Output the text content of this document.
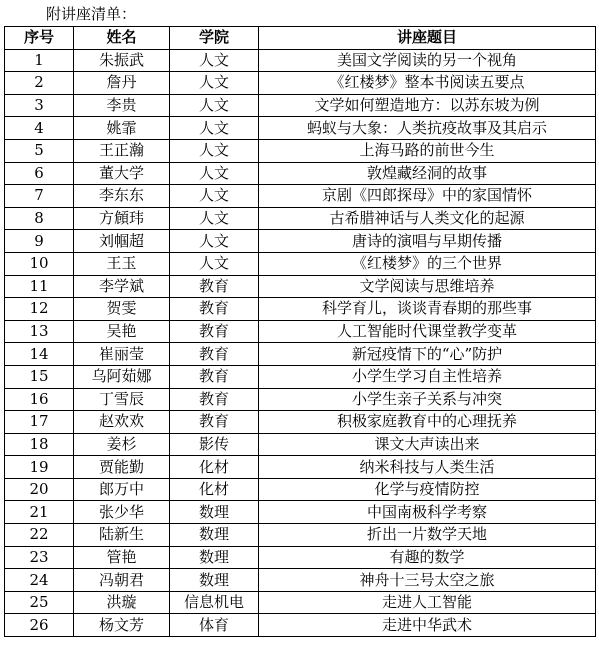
附讲座清单：
序号	姓名	学院	讲座题目
1	朱振武	人文	美国文学阅读的另一个视角
2	詹丹	人文	《红楼梦》整本书阅读五要点
3	李贵	人文	文学如何塑造地方：以苏东坡为例
4	姚霏	人文	蚂蚁与大象：人类抗疫故事及其启示
5	王正瀚	人文	上海马路的前世今生
6	董大学	人文	敦煌藏经洞的故事
7	李东东	人文	京剧《四郎探母》中的家国情怀
8	方頠玮	人文	古希腊神话与人类文化的起源
9	刘帼超	人文	唐诗的演唱与早期传播
10	王玉	人文	《红楼梦》的三个世界
11	李学斌	教育	文学阅读与思维培养
12	贺雯	教育	科学育儿，谈谈青春期的那些事
13	吴艳	教育	人工智能时代课堂教学变革
14	崔丽莹	教育	新冠疫情下的“心”防护
15	乌阿茹娜	教育	小学生学习自主性培养
16	丁雪辰	教育	小学生亲子关系与冲突
17	赵欢欢	教育	积极家庭教育中的心理抚养
18	姜杉	影传	课文大声读出来
19	贾能勤	化材	纳米科技与人类生活
20	郎万中	化材	化学与疫情防控
21	张少华	数理	中国南极科学考察
22	陆新生	数理	折出一片数学天地
23	管艳	数理	有趣的数学
24	冯朝君	数理	神舟十三号太空之旅
25	洪璇	信息机电	走进人工智能
26	杨文芳	体育	走进中华武术
